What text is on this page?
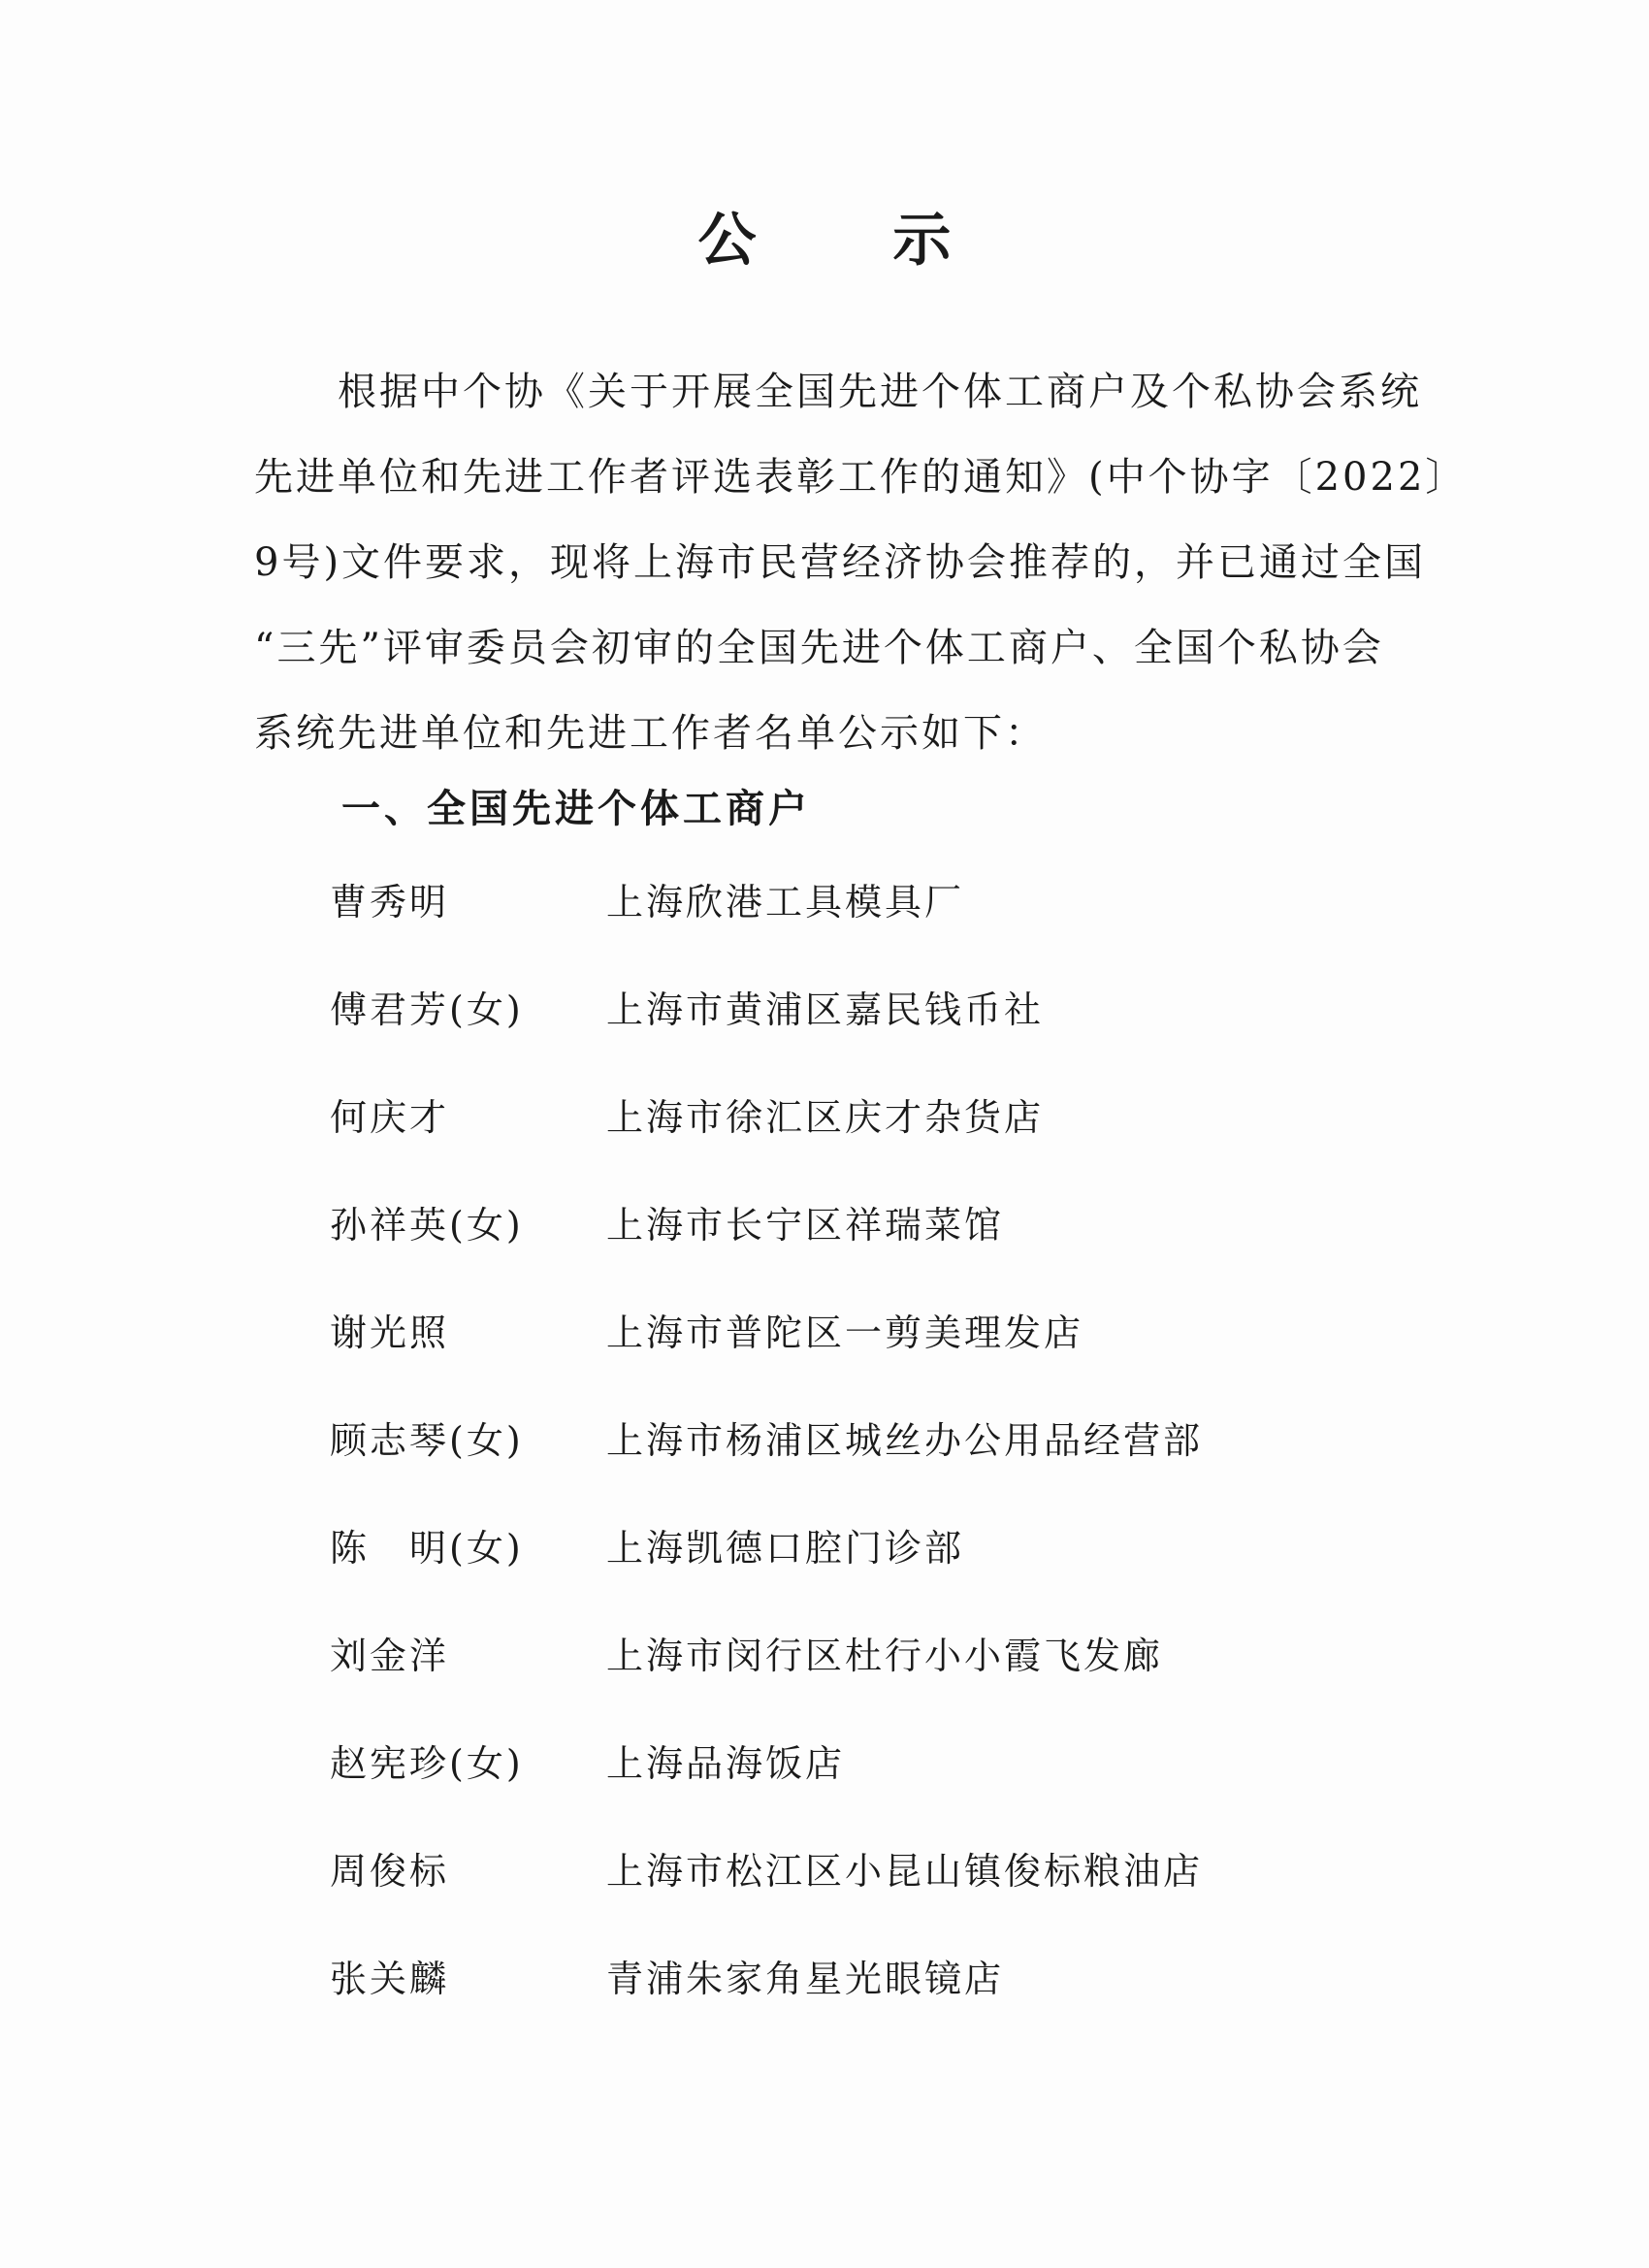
公 示
根据中个协《关于开展全国先进个体工商户及个私协会系统
先进单位和先进工作者评选表彰工作的通知》(中个协字〔2022〕
9号)文件要求，现将上海市民营经济协会推荐的，并已通过全国
“三先”评审委员会初审的全国先进个体工商户、全国个私协会
系统先进单位和先进工作者名单公示如下：
一、全国先进个体工商户
曹秀明	上海欣港工具模具厂
傅君芳(女) 上海市黄浦区嘉民钱币社
何庆才	上海市徐汇区庆才杂货店
孙祥英(女) 上海市长宁区祥瑞菜馆
谢光照	上海市普陀区一剪美理发店
顾志琴(女) 上海市杨浦区城丝办公用品经营部
陈　明(女) 上海凯德口腔门诊部
刘金洋	上海市闵行区杜行小小霞飞发廊
赵宪珍(女) 上海品海饭店
周俊标	上海市松江区小昆山镇俊标粮油店
张关麟	青浦朱家角星光眼镜店
